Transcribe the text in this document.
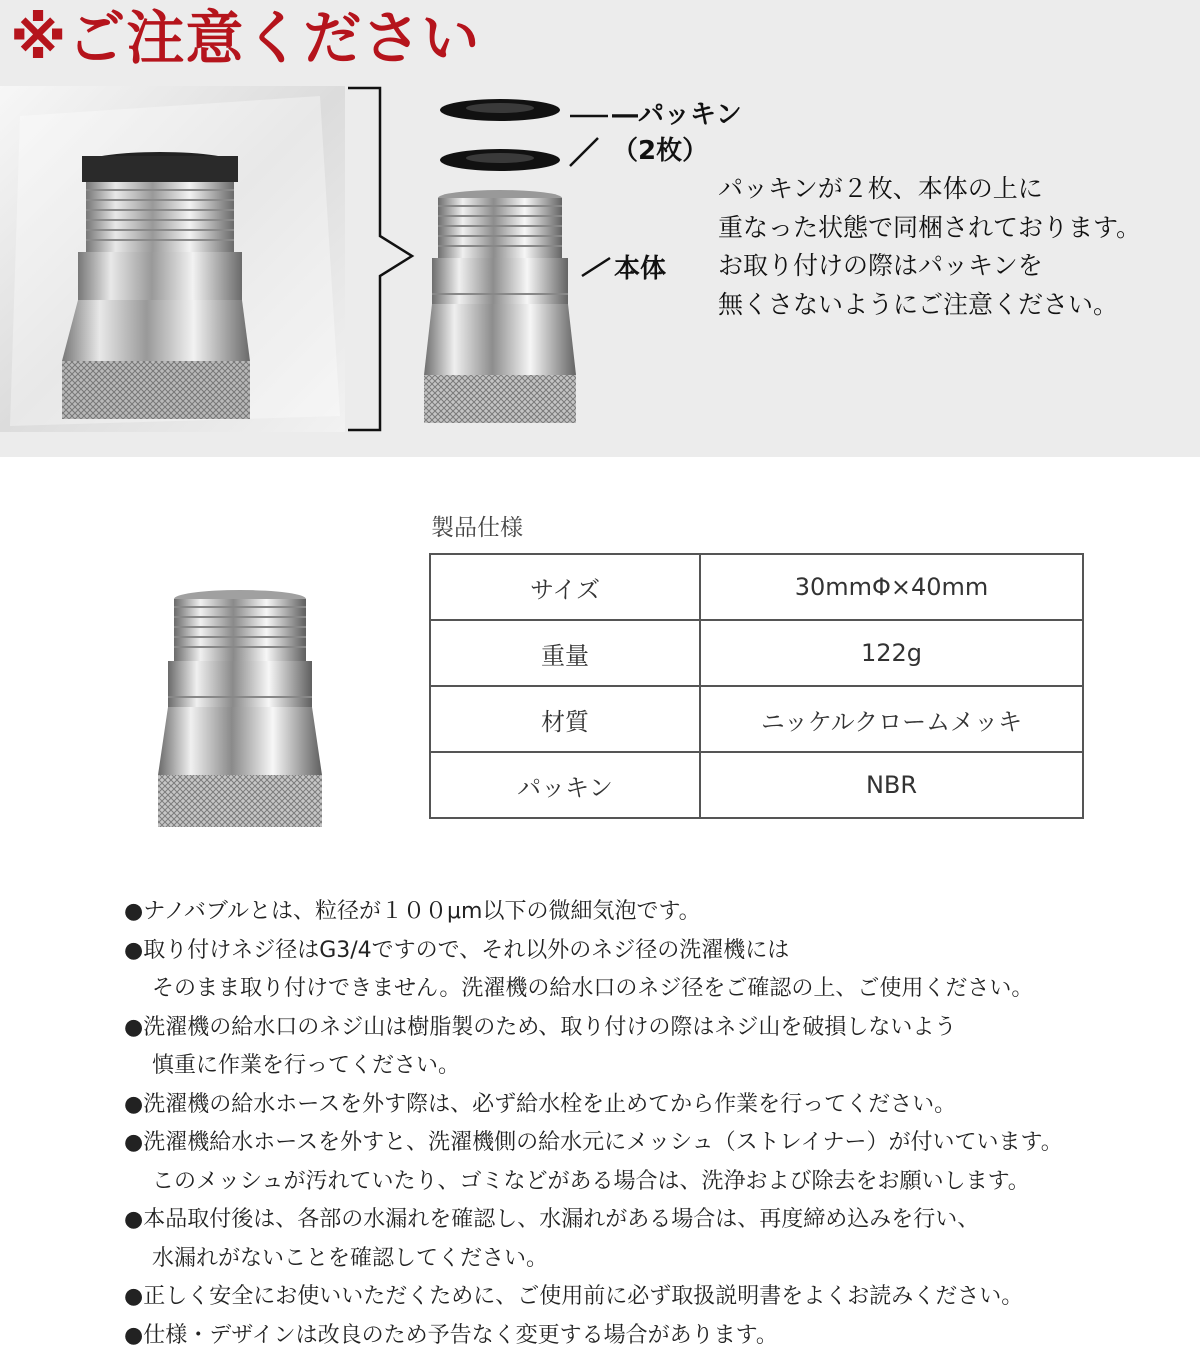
※ご注意ください
―パッキン
（2枚）
本体
パッキンが２枚、本体の上に
重なった状態で同梱されております。
お取り付けの際はパッキンを
無くさないようにご注意ください。
製品仕様
サイズ	30mmΦ×40mm
重量	122g
材質	ニッケルクロームメッキ
パッキン	NBR
●ナノバブルとは、粒径が１００μm以下の微細気泡です。
●取り付けネジ径はG3/4ですので、それ以外のネジ径の洗濯機には
そのまま取り付けできません。洗濯機の給水口のネジ径をご確認の上、ご使用ください。
●洗濯機の給水口のネジ山は樹脂製のため、取り付けの際はネジ山を破損しないよう
慎重に作業を行ってください。
●洗濯機の給水ホースを外す際は、必ず給水栓を止めてから作業を行ってください。
●洗濯機給水ホースを外すと、洗濯機側の給水元にメッシュ（ストレイナー）が付いています。
このメッシュが汚れていたり、ゴミなどがある場合は、洗浄および除去をお願いします。
●本品取付後は、各部の水漏れを確認し、水漏れがある場合は、再度締め込みを行い、
水漏れがないことを確認してください。
●正しく安全にお使いいただくために、ご使用前に必ず取扱説明書をよくお読みください。
●仕様・デザインは改良のため予告なく変更する場合があります。
